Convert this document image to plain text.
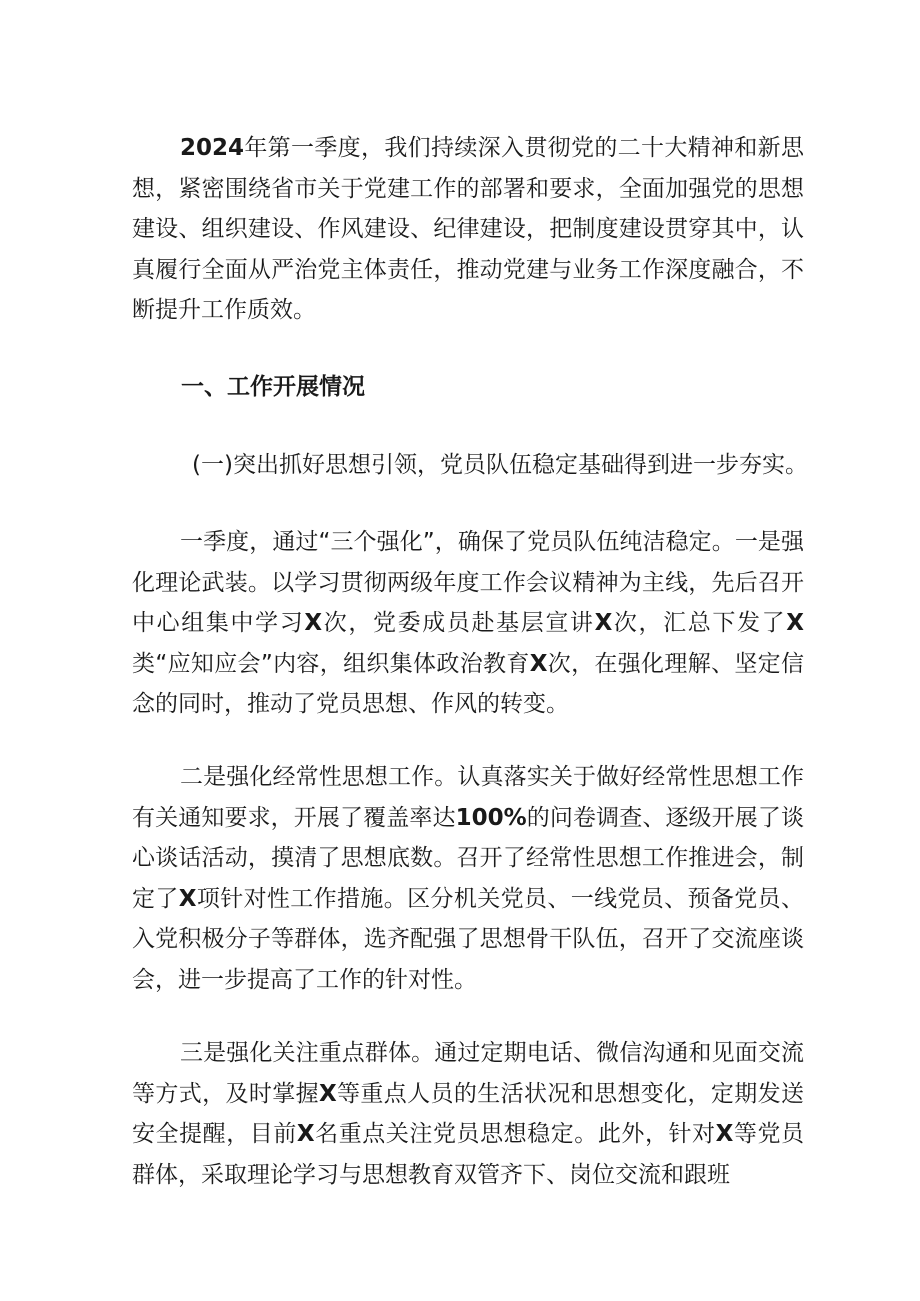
2024年第一季度，我们持续深入贯彻党的二十大精神和新思想，紧密围绕省市关于党建工作的部署和要求，全面加强党的思想建设、组织建设、作风建设、纪律建设，把制度建设贯穿其中，认真履行全面从严治党主体责任，推动党建与业务工作深度融合，不断提升工作质效。

一、工作开展情况

(一)突出抓好思想引领，党员队伍稳定基础得到进一步夯实。

一季度，通过“三个强化”，确保了党员队伍纯洁稳定。一是强化理论武装。以学习贯彻两级年度工作会议精神为主线，先后召开中心组集中学习X次，党委成员赴基层宣讲X次，汇总下发了X类“应知应会”内容，组织集体政治教育X次，在强化理解、坚定信念的同时，推动了党员思想、作风的转变。

二是强化经常性思想工作。认真落实关于做好经常性思想工作有关通知要求，开展了覆盖率达100%的问卷调查、逐级开展了谈心谈话活动，摸清了思想底数。召开了经常性思想工作推进会，制定了X项针对性工作措施。区分机关党员、一线党员、预备党员、入党积极分子等群体，选齐配强了思想骨干队伍，召开了交流座谈会，进一步提高了工作的针对性。

三是强化关注重点群体。通过定期电话、微信沟通和见面交流等方式，及时掌握X等重点人员的生活状况和思想变化，定期发送安全提醒，目前X名重点关注党员思想稳定。此外，针对X等党员群体，采取理论学习与思想教育双管齐下、岗位交流和跟班
